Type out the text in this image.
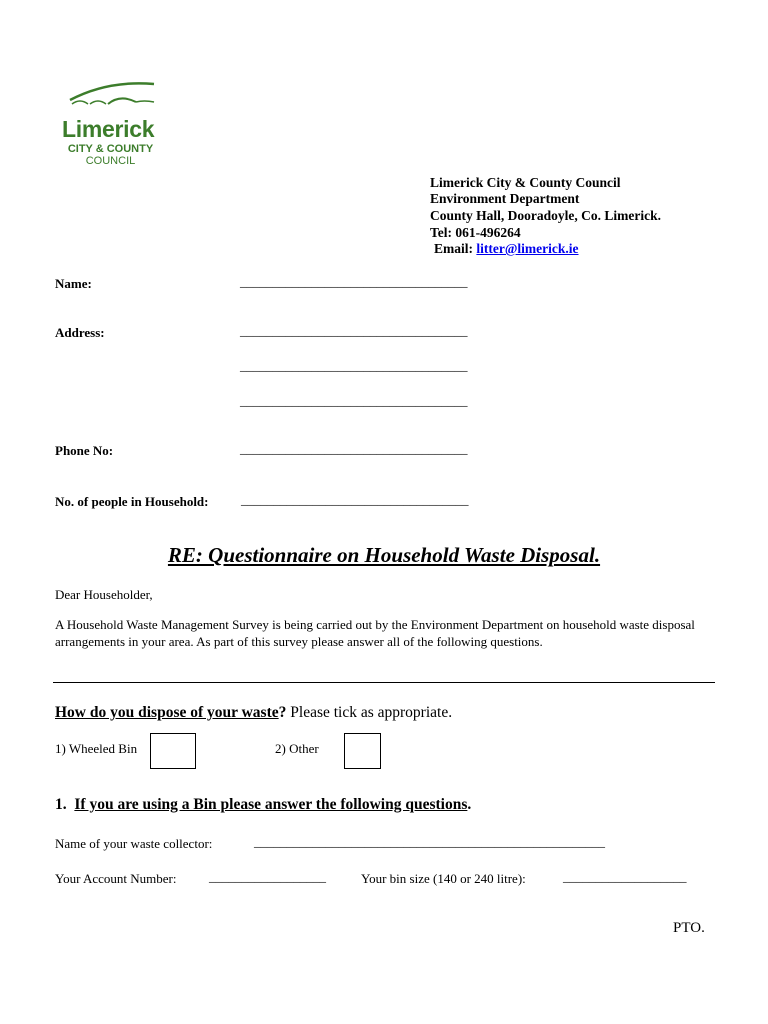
Limerick
CITY & COUNTY
COUNCIL
Limerick City & County Council
Environment Department
County Hall, Dooradoyle, Co. Limerick.
Tel: 061-496264
Email: litter@limerick.ie
Name:	___________________________________
Address:	___________________________________
___________________________________
___________________________________
Phone No:	___________________________________
No. of people in Household:	___________________________________
RE: Questionnaire on Household Waste Disposal.
Dear Householder,
A Household Waste Management Survey is being carried out by the Environment Department on household waste disposal arrangements in your area. As part of this survey please answer all of the following questions.
How do you dispose of your waste? Please tick as appropriate.
1) Wheeled Bin	2) Other
1. If you are using a Bin please answer the following questions.
Name of your waste collector:	______________________________________________________
Your Account Number:	__________________	Your bin size (140 or 240 litre):	___________________
PTO.
